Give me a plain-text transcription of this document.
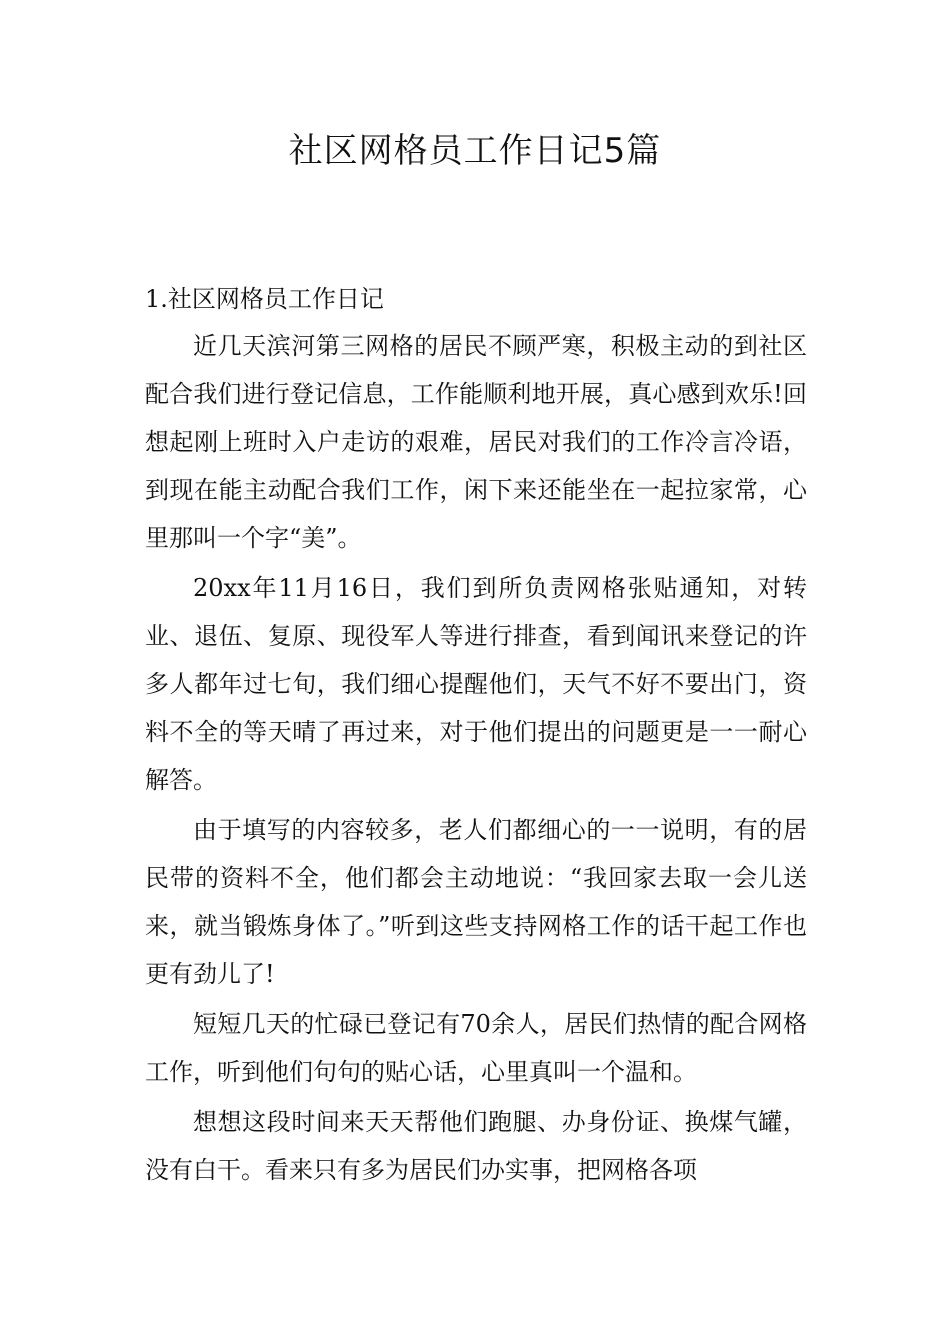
社区网格员工作日记5篇
1.社区网格员工作日记

近几天滨河第三网格的居民不顾严寒，积极主动的到社区配合我们进行登记信息，工作能顺利地开展，真心感到欢乐!回想起刚上班时入户走访的艰难，居民对我们的工作冷言冷语，到现在能主动配合我们工作，闲下来还能坐在一起拉家常，心里那叫一个字“美”。

20xx年11月16日，我们到所负责网格张贴通知，对转业、退伍、复原、现役军人等进行排查，看到闻讯来登记的许多人都年过七旬，我们细心提醒他们，天气不好不要出门，资料不全的等天晴了再过来，对于他们提出的问题更是一一耐心解答。

由于填写的内容较多，老人们都细心的一一说明，有的居民带的资料不全，他们都会主动地说：“我回家去取一会儿送来，就当锻炼身体了。”听到这些支持网格工作的话干起工作也更有劲儿了!

短短几天的忙碌已登记有70余人，居民们热情的配合网格工作，听到他们句句的贴心话，心里真叫一个温和。

想想这段时间来天天帮他们跑腿、办身份证、换煤气罐，没有白干。看来只有多为居民们办实事，把网格各项
